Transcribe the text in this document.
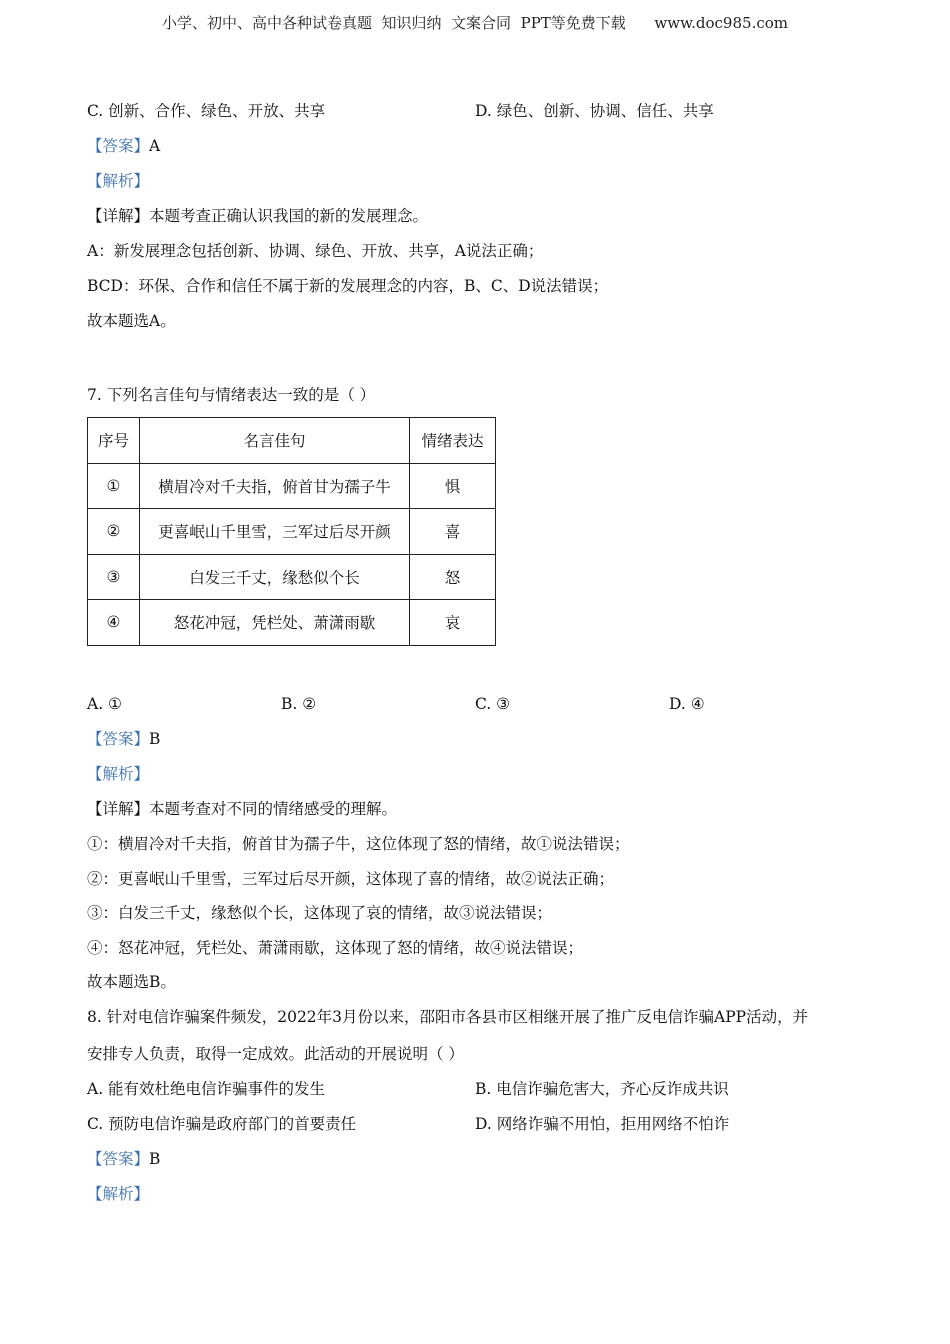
小学、初中、高中各种试卷真题  知识归纳  文案合同  PPT等免费下载      www.doc985.com
C. 创新、合作、绿色、开放、共享	D. 绿色、创新、协调、信任、共享
【答案】A
【解析】
【详解】本题考查正确认识我国的新的发展理念。
A：新发展理念包括创新、协调、绿色、开放、共享，A说法正确；
BCD：环保、合作和信任不属于新的发展理念的内容，B、C、D说法错误；
故本题选A。
7. 下列名言佳句与情绪表达一致的是（ ）
序号	名言佳句	情绪表达
①	横眉冷对千夫指，俯首甘为孺子牛	惧
②	更喜岷山千里雪，三军过后尽开颜	喜
③	白发三千丈，缘愁似个长	怒
④	怒花冲冠，凭栏处、萧潇雨歇	哀
A. ①	B. ②	C. ③	D. ④
【答案】B
【解析】
【详解】本题考查对不同的情绪感受的理解。
①：横眉冷对千夫指，俯首甘为孺子牛，这位体现了怒的情绪，故①说法错误；
②：更喜岷山千里雪，三军过后尽开颜，这体现了喜的情绪，故②说法正确；
③：白发三千丈，缘愁似个长，这体现了哀的情绪，故③说法错误；
④：怒花冲冠，凭栏处、萧潇雨歇，这体现了怒的情绪，故④说法错误；
故本题选B。
8. 针对电信诈骗案件频发，2022年3月份以来，邵阳市各县市区相继开展了推广反电信诈骗APP活动，并
安排专人负责，取得一定成效。此活动的开展说明（ ）
A. 能有效杜绝电信诈骗事件的发生	B. 电信诈骗危害大，齐心反诈成共识
C. 预防电信诈骗是政府部门的首要责任	D. 网络诈骗不用怕，拒用网络不怕诈
【答案】B
【解析】
